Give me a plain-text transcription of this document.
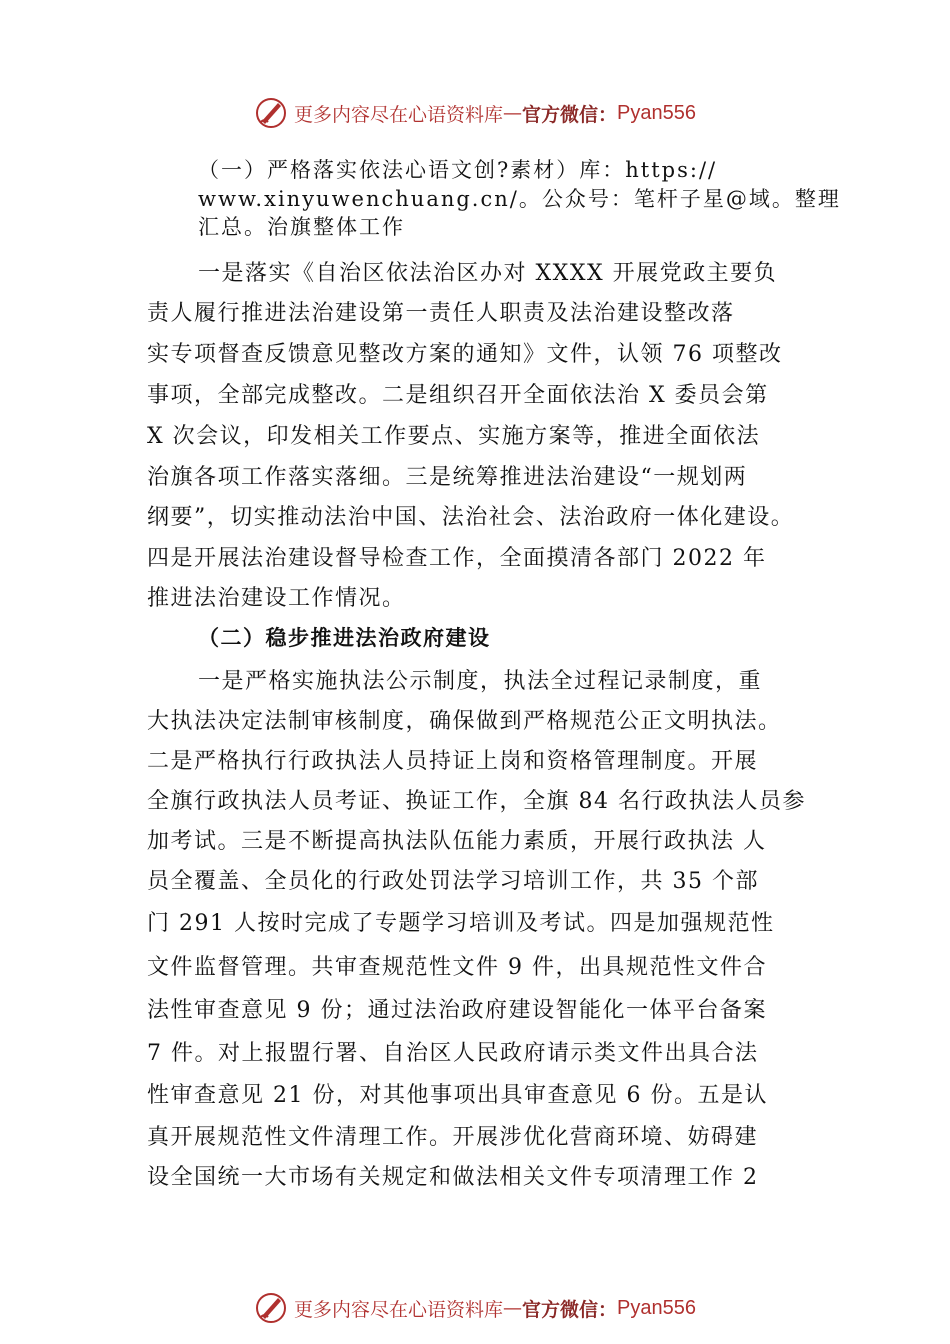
更多内容尽在心语资料库 — 官方微信： Pyan556
（一）严格落实依法心语文创?素材）库：https://
www.xinyuwenchuang.cn/。公众号：笔杆子星@域。整理
汇总。治旗整体工作
一是落实《自治区依法治区办对 XXXX 开展党政主要负
责人履行推进法治建设第一责任人职责及法治建设整改落
实专项督查反馈意见整改方案的通知》文件，认领 76 项整改
事项，全部完成整改。二是组织召开全面依法治 X 委员会第
X 次会议，印发相关工作要点、实施方案等，推进全面依法
治旗各项工作落实落细。三是统筹推进法治建设“一规划两
纲要”，切实推动法治中国、法治社会、法治政府一体化建设。
四是开展法治建设督导检查工作，全面摸清各部门 2022 年
推进法治建设工作情况。
（二）稳步推进法治政府建设
一是严格实施执法公示制度，执法全过程记录制度，重
大执法决定法制审核制度，确保做到严格规范公正文明执法。
二是严格执行行政执法人员持证上岗和资格管理制度。开展
全旗行政执法人员考证、换证工作，全旗 84 名行政执法人员参
加考试。三是不断提高执法队伍能力素质，开展行政执法 人
员全覆盖、全员化的行政处罚法学习培训工作，共 35 个部
门 291 人按时完成了专题学习培训及考试。四是加强规范性
文件监督管理。共审查规范性文件 9 件，出具规范性文件合
法性审查意见 9 份；通过法治政府建设智能化一体平台备案
7 件。对上报盟行署、自治区人民政府请示类文件出具合法
性审查意见 21 份，对其他事项出具审查意见 6 份。五是认
真开展规范性文件清理工作。开展涉优化营商环境、妨碍建
设全国统一大市场有关规定和做法相关文件专项清理工作 2
更多内容尽在心语资料库 — 官方微信： Pyan556
